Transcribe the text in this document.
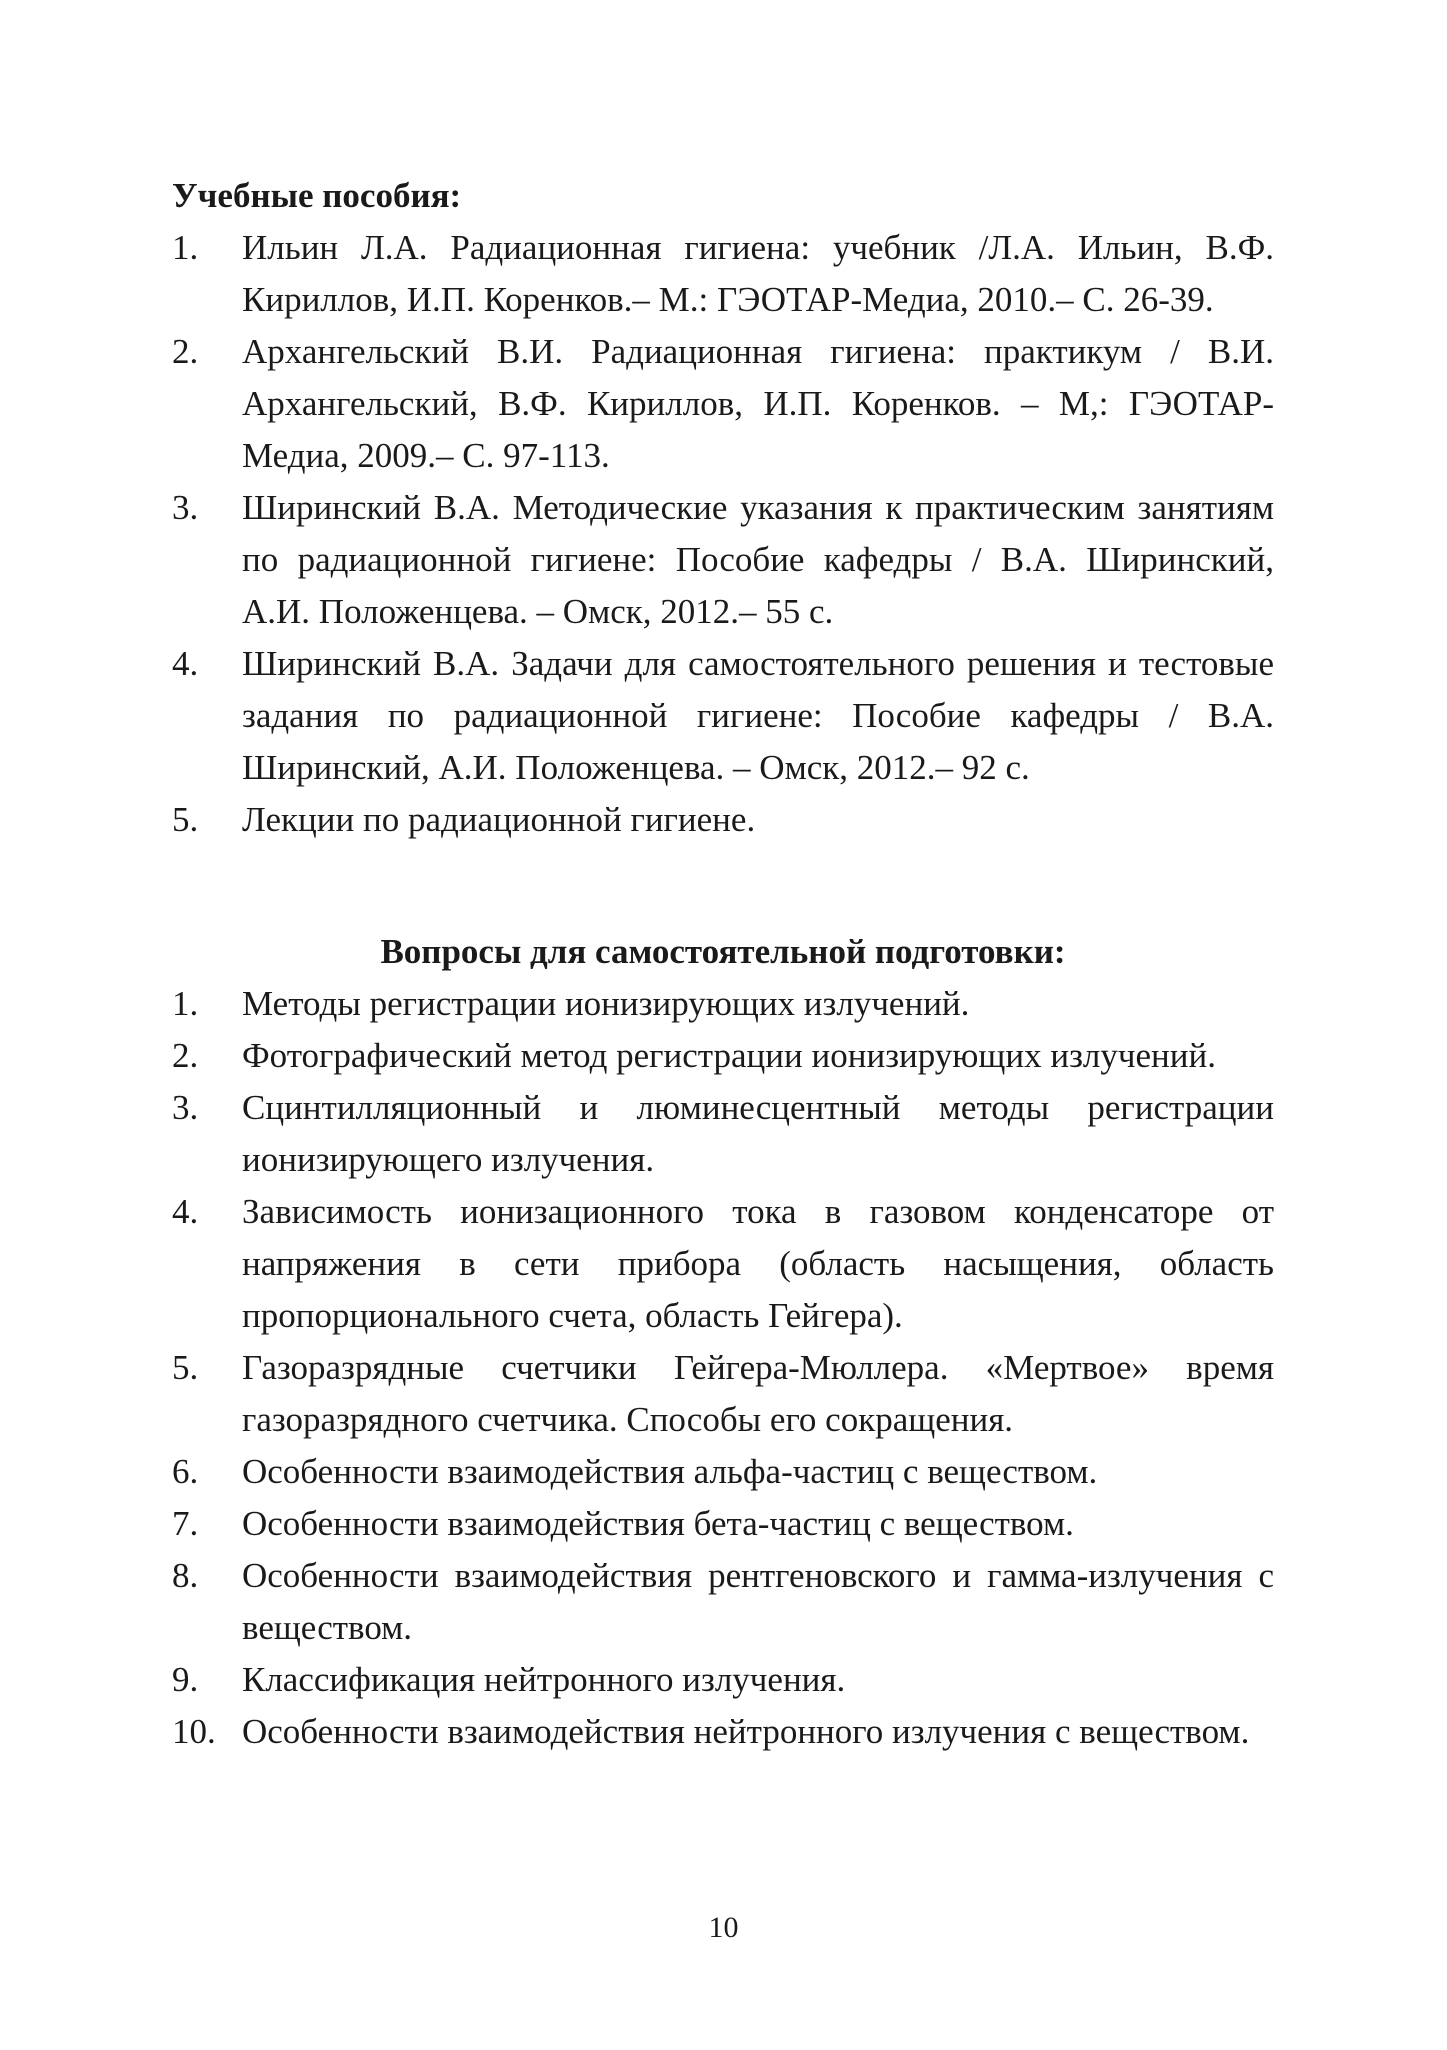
Учебные пособия:
1.	Ильин Л.А. Радиационная гигиена: учебник /Л.А. Ильин, В.Ф. Кириллов, И.П. Коренков.– М.: ГЭОТАР-Медиа, 2010.– С. 26-39.
2.	Архангельский В.И. Радиационная гигиена: практикум / В.И. Архангельский, В.Ф. Кириллов, И.П. Коренков. – М,: ГЭОТАР-Медиа, 2009.– С. 97-113.
3.	Ширинский В.А. Методические указания к практическим занятиям по радиационной гигиене: Пособие кафедры / В.А. Ширинский, А.И. Положенцева. – Омск, 2012.– 55 с.
4.	Ширинский В.А. Задачи для самостоятельного решения и тестовые задания по радиационной гигиене: Пособие кафедры / В.А. Ширинский, А.И. Положенцева. – Омск, 2012.– 92 с.
5.	Лекции по радиационной гигиене.
Вопросы для самостоятельной подготовки:
1.	Методы регистрации ионизирующих излучений.
2.	Фотографический метод регистрации ионизирующих излучений.
3.	Сцинтилляционный и люминесцентный методы регистрации ионизирующего излучения.
4.	Зависимость ионизационного тока в газовом конденсаторе от напряжения в сети прибора (область насыщения, область пропорционального счета, область Гейгера).
5.	Газоразрядные счетчики Гейгера-Мюллера. «Мертвое» время газоразрядного счетчика. Способы его сокращения.
6.	Особенности взаимодействия альфа-частиц с веществом.
7.	Особенности взаимодействия бета-частиц с веществом.
8.	Особенности взаимодействия рентгеновского и гамма-излучения с веществом.
9.	Классификация нейтронного излучения.
10. Особенности взаимодействия нейтронного излучения с веществом.
10
